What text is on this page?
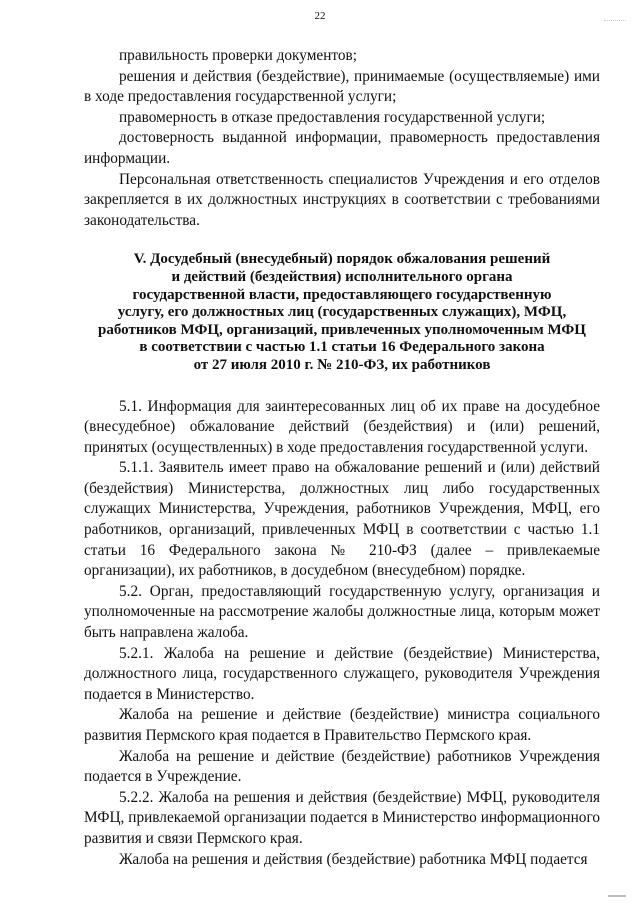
22

правильность проверки документов;

решения и действия (бездействие), принимаемые (осуществляемые) ими в ходе предоставления государственной услуги;

правомерность в отказе предоставления государственной услуги;

достоверность выданной информации, правомерность предоставления информации.

Персональная ответственность специалистов Учреждения и его отделов закрепляется в их должностных инструкциях в соответствии с требованиями законодательства.

V. Досудебный (внесудебный) порядок обжалования решений
и действий (бездействия) исполнительного органа
государственной власти, предоставляющего государственную
услугу, его должностных лиц (государственных служащих), МФЦ,
работников МФЦ, организаций, привлеченных уполномоченным МФЦ
в соответствии с частью 1.1 статьи 16 Федерального закона
от 27 июля 2010 г. № 210-ФЗ, их работников

5.1. Информация для заинтересованных лиц об их праве на досудебное (внесудебное) обжалование действий (бездействия) и (или) решений, принятых (осуществленных) в ходе предоставления государственной услуги.

5.1.1. Заявитель имеет право на обжалование решений и (или) действий (бездействия) Министерства, должностных лиц либо государственных служащих Министерства, Учреждения, работников Учреждения, МФЦ, его работников, организаций, привлеченных МФЦ в соответствии с частью 1.1 статьи 16 Федерального закона № 210-ФЗ (далее – привлекаемые организации), их работников, в досудебном (внесудебном) порядке.

5.2. Орган, предоставляющий государственную услугу, организация и уполномоченные на рассмотрение жалобы должностные лица, которым может быть направлена жалоба.

5.2.1. Жалоба на решение и действие (бездействие) Министерства, должностного лица, государственного служащего, руководителя Учреждения подается в Министерство.

Жалоба на решение и действие (бездействие) министра социального развития Пермского края подается в Правительство Пермского края.

Жалоба на решение и действие (бездействие) работников Учреждения подается в Учреждение.

5.2.2. Жалоба на решения и действия (бездействие) МФЦ, руководителя МФЦ, привлекаемой организации подается в Министерство информационного развития и связи Пермского края.

Жалоба на решения и действия (бездействие) работника МФЦ подается
